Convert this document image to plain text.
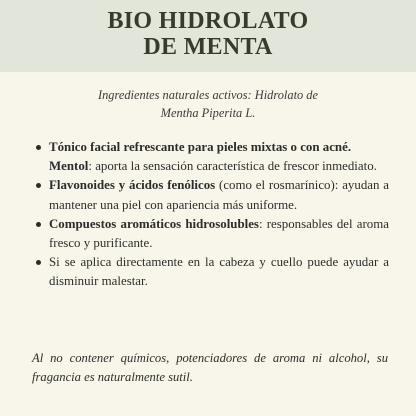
BIO HIDROLATO
DE MENTA
Ingredientes naturales activos: Hidrolato de
Mentha Piperita L.
Tónico facial refrescante para pieles mixtas o con acné.
Mentol: aporta la sensación característica de frescor inmediato.
Flavonoides y ácidos fenólicos (como el rosmarínico): ayudan a mantener una piel con apariencia más uniforme.
Compuestos aromáticos hidrosolubles: responsables del aroma fresco y purificante.
Si se aplica directamente en la cabeza y cuello puede ayudar a disminuir malestar.
Al no contener químicos, potenciadores de aroma ni alcohol, su fragancia es naturalmente sutil.
